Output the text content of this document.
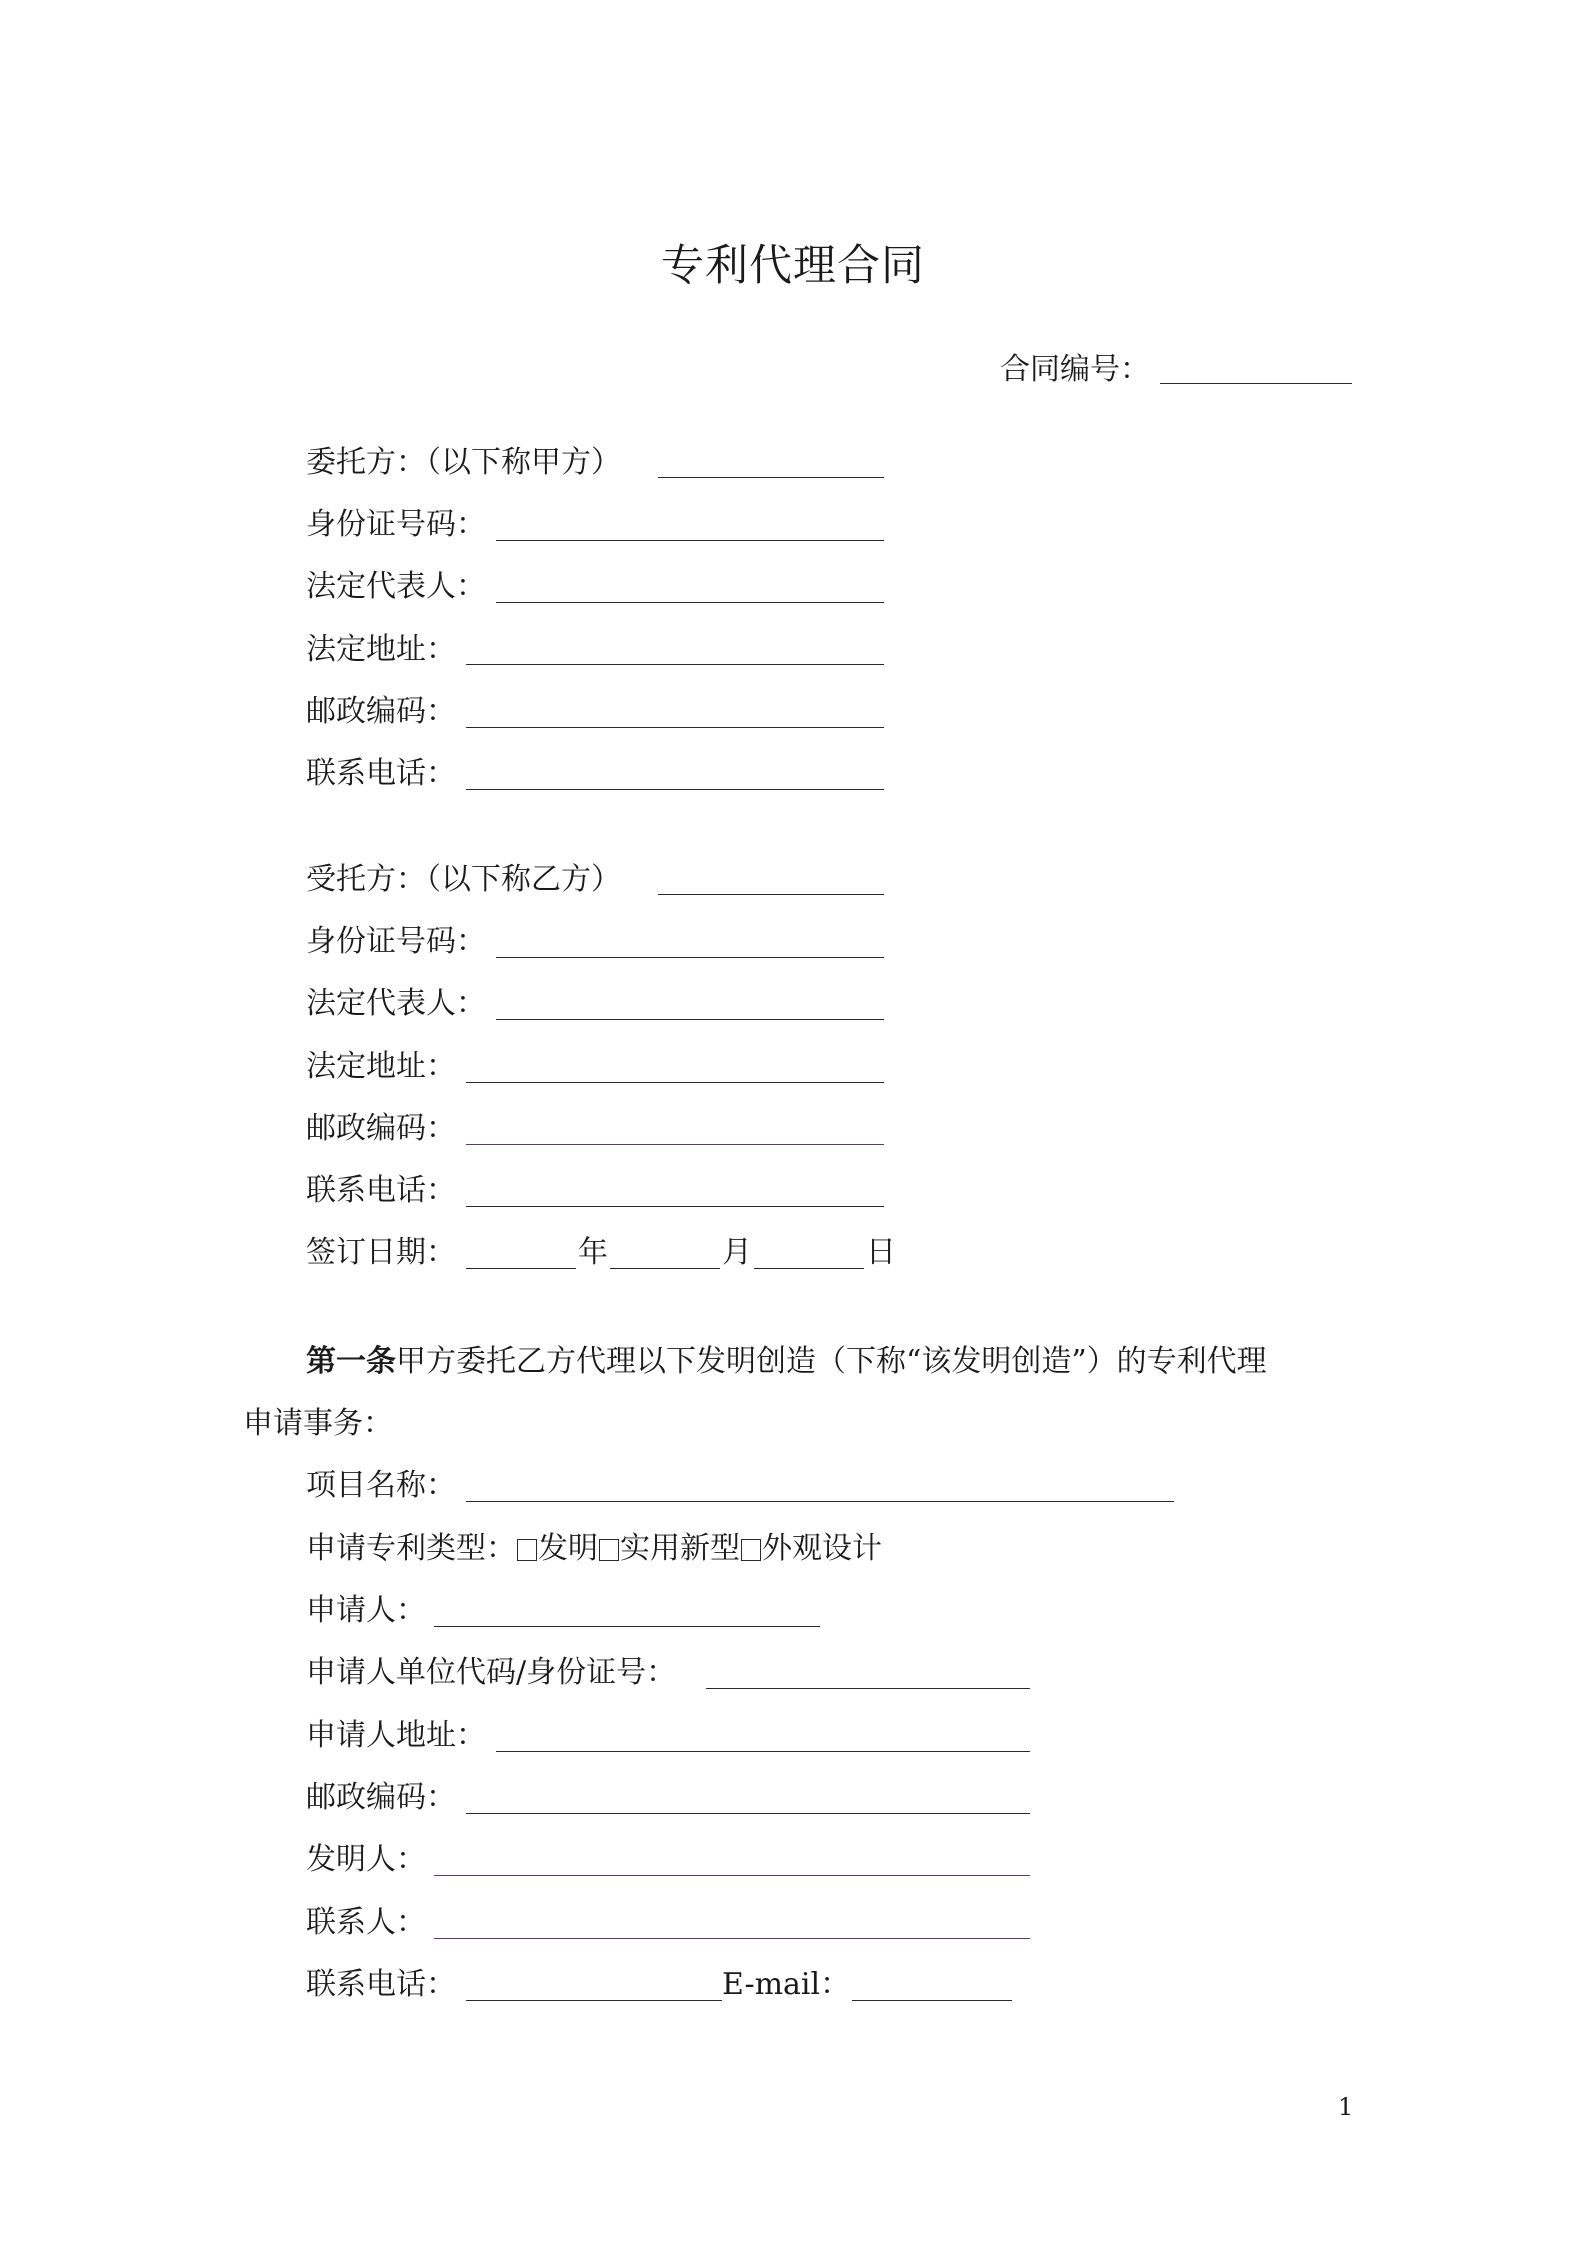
专利代理合同
合同编号：
委托方：（以下称甲方）
身份证号码：
法定代表人：
法定地址：
邮政编码：
联系电话：
受托方：（以下称乙方）
身份证号码：
法定代表人：
法定地址：
邮政编码：
联系电话：
签订日期：	年	月	日
第一条甲方委托乙方代理以下发明创造（下称“该发明创造”）的专利代理
申请事务：
项目名称：
申请专利类型： 发明 实用新型 外观设计
申请人：
申请人单位代码/身份证号：
申请人地址：
邮政编码：
发明人：
联系人：
联系电话：	E-mail：
1
